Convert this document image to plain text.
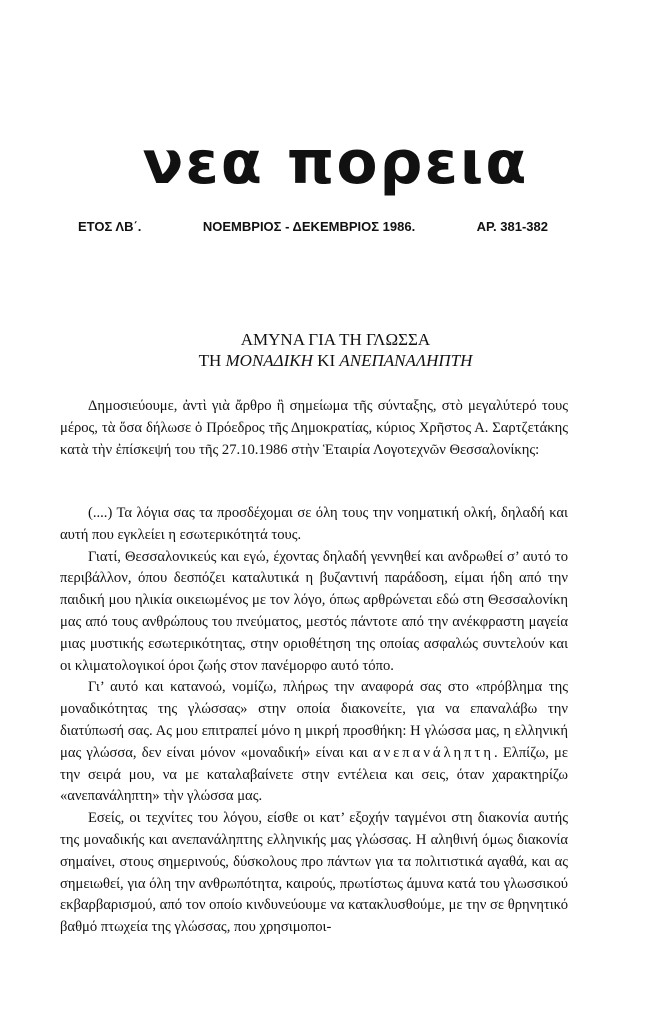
νεα πορεια
ΕΤΟΣ ΛΒ΄.	ΝΟΕΜΒΡΙΟΣ - ΔΕΚΕΜΒΡΙΟΣ 1986.	ΑΡ. 381-382
ΑΜΥΝΑ ΓΙΑ ΤΗ ΓΛΩΣΣΑ
ΤΗ ΜΟΝΑΔΙΚΗ ΚΙ ΑΝΕΠΑΝΑΛΗΠΤΗ

Δημοσιεύουμε, ἀντὶ γιὰ ἄρθρο ἢ σημείωμα τῆς σύνταξης, στὸ μεγαλύτερό τους μέρος, τὰ ὅσα δήλωσε ὁ Πρόεδρος τῆς Δημοκρατίας, κύριος Χρῆστος Α. Σαρτζετάκης κατὰ τὴν ἐπίσκεψή του τῆς 27.10.1986 στὴν Ἑταιρία Λογοτεχνῶν Θεσσαλονίκης:

(....) Τα λόγια σας τα προσδέχομαι σε όλη τους την νοηματική ολκή, δηλαδή και αυτή που εγκλείει η εσωτερικότητά τους.

Γιατί, Θεσσαλονικεύς και εγώ, έχοντας δηλαδή γεννηθεί και ανδρωθεί σ’ αυτό το περιβάλλον, όπου δεσπόζει καταλυτικά η βυζαντινή παράδοση, είμαι ήδη από την παιδική μου ηλικία οικειωμένος με τον λόγο, όπως αρθρώνεται εδώ στη Θεσσαλονίκη μας από τους ανθρώπους του πνεύματος, μεστός πάντοτε από την ανέκφραστη μαγεία μιας μυστικής εσωτερικότητας, στην οριοθέτηση της οποίας ασφαλώς συντελούν και οι κλιματολογικοί όροι ζωής στον πανέμορφο αυτό τόπο.

Γι’ αυτό και κατανοώ, νομίζω, πλήρως την αναφορά σας στο «πρόβλημα της μοναδικότητας της γλώσσας» στην οποία διακονείτε, για να επαναλάβω την διατύπωσή σας. Ας μου επιτραπεί μόνο η μικρή προσθήκη: Η γλώσσα μας, η ελληνική μας γλώσσα, δεν είναι μόνον «μοναδική» είναι και ανεπανάληπτη. Ελπίζω, με την σειρά μου, να με καταλαβαίνετε στην εντέλεια και σεις, όταν χαρακτηρίζω «ανεπανάληπτη» τὴν γλώσσα μας.

Εσείς, οι τεχνίτες του λόγου, είσθε οι κατ’ εξοχήν ταγμένοι στη διακονία αυτής της μοναδικής και ανεπανάληπτης ελληνικής μας γλώσσας. Η αληθινή όμως διακονία σημαίνει, στους σημερινούς, δύσκολους προ πάντων για τα πολιτιστικά αγαθά, και ας σημειωθεί, για όλη την ανθρωπότητα, καιρούς, πρωτίστως άμυνα κατά του γλωσσικού εκβαρβαρισμού, από τον οποίο κινδυνεύουμε να κατακλυσθούμε, με την σε θρηνητικό βαθμό πτωχεία της γλώσσας, που χρησιμοποι-
